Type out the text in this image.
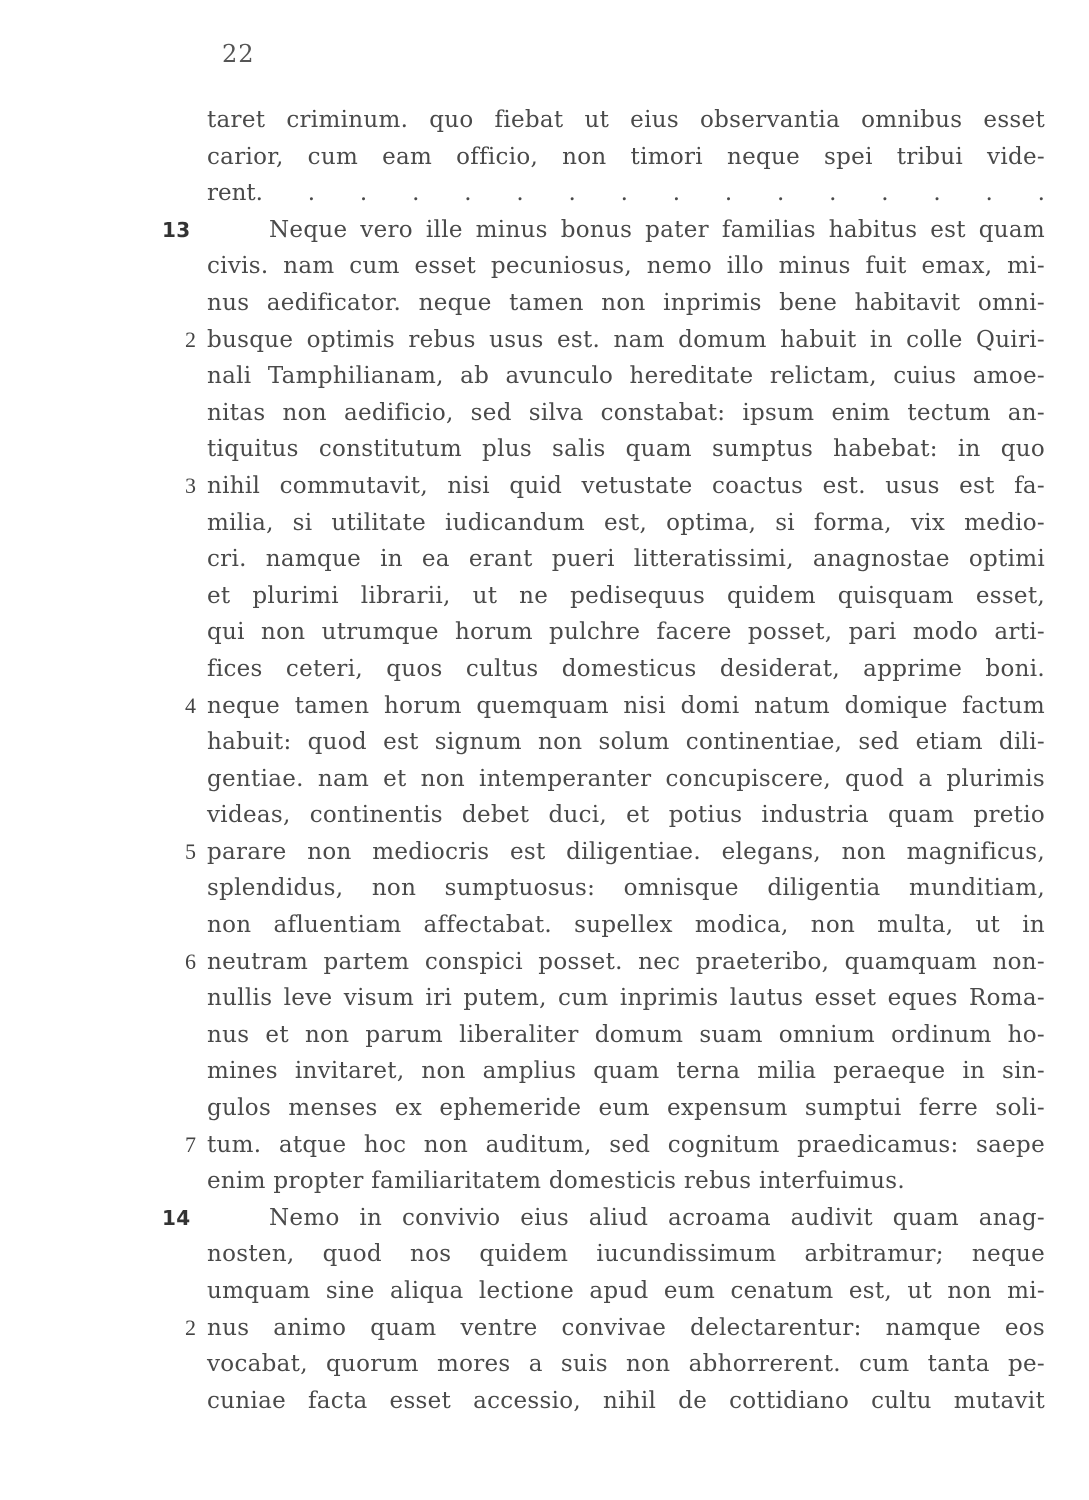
22
taret criminum. quo fiebat ut eius observantia omnibus esset
carior, cum eam officio, non timori neque spei tribui vide-
rent. . . . . . . . . . . . . . . .
13	Neque vero ille minus bonus pater familias habitus est quam
civis. nam cum esset pecuniosus, nemo illo minus fuit emax, mi-
nus aedificator. neque tamen non inprimis bene habitavit omni-
2 busque optimis rebus usus est. nam domum habuit in colle Quiri-
nali Tamphilianam, ab avunculo hereditate relictam, cuius amoe-
nitas non aedificio, sed silva constabat: ipsum enim tectum an-
tiquitus constitutum plus salis quam sumptus habebat: in quo
3 nihil commutavit, nisi quid vetustate coactus est. usus est fa-
milia, si utilitate iudicandum est, optima, si forma, vix medio-
cri. namque in ea erant pueri litteratissimi, anagnostae optimi
et plurimi librarii, ut ne pedisequus quidem quisquam esset,
qui non utrumque horum pulchre facere posset, pari modo arti-
fices ceteri, quos cultus domesticus desiderat, apprime boni.
4 neque tamen horum quemquam nisi domi natum domique factum
habuit: quod est signum non solum continentiae, sed etiam dili-
gentiae. nam et non intemperanter concupiscere, quod a plurimis
videas, continentis debet duci, et potius industria quam pretio
5 parare non mediocris est diligentiae. elegans, non magnificus,
splendidus, non sumptuosus: omnisque diligentia munditiam,
non afluentiam affectabat. supellex modica, non multa, ut in
6 neutram partem conspici posset. nec praeteribo, quamquam non-
nullis leve visum iri putem, cum inprimis lautus esset eques Roma-
nus et non parum liberaliter domum suam omnium ordinum ho-
mines invitaret, non amplius quam terna milia peraeque in sin-
gulos menses ex ephemeride eum expensum sumptui ferre soli-
7 tum. atque hoc non auditum, sed cognitum praedicamus: saepe
enim propter familiaritatem domesticis rebus interfuimus.
14	Nemo in convivio eius aliud acroama audivit quam anag-
nosten, quod nos quidem iucundissimum arbitramur; neque
umquam sine aliqua lectione apud eum cenatum est, ut non mi-
2 nus animo quam ventre convivae delectarentur: namque eos
vocabat, quorum mores a suis non abhorrerent. cum tanta pe-
cuniae facta esset accessio, nihil de cottidiano cultu mutavit
